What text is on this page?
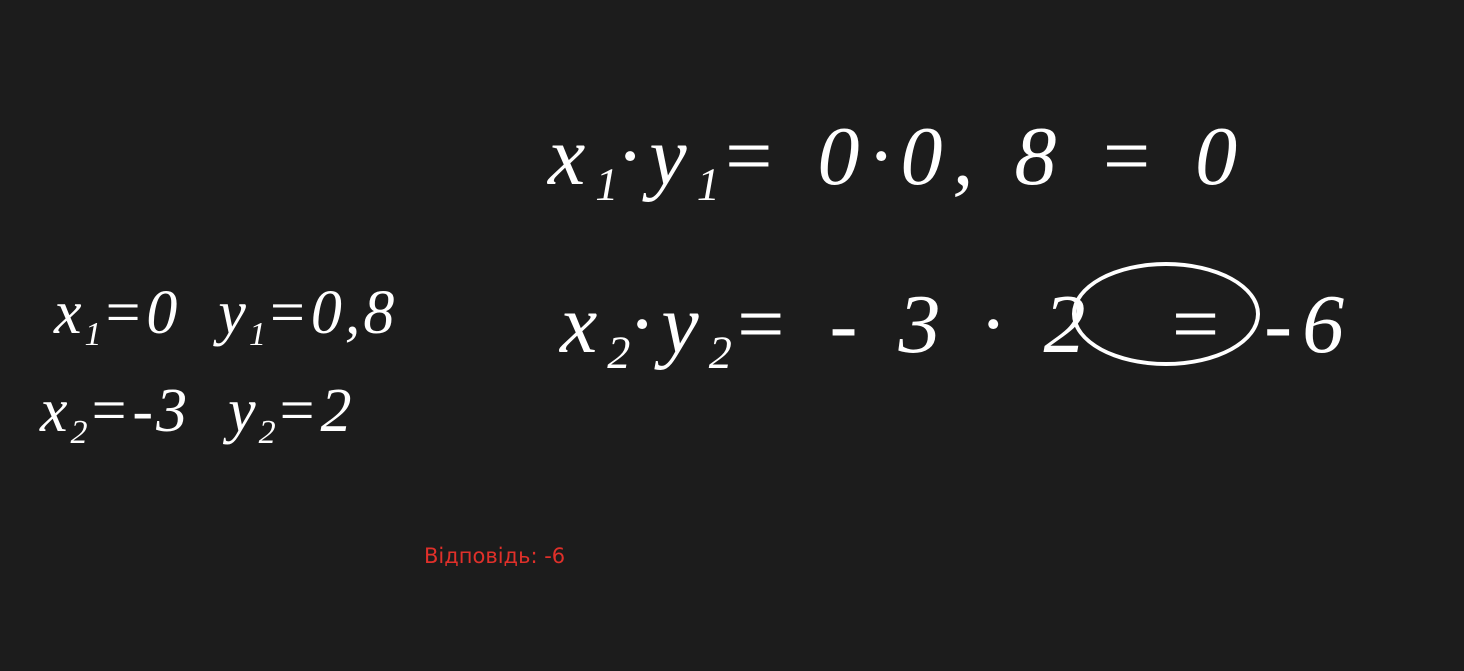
$x_1\cdot y_1= 0\cdot 0$, 8 = 0
$x_2\cdot y_2= - 3 \cdot 2 = -6$
$x_1=0$ $y_1=0,8$
$x_2=-3$ $y_2=2$
Відповідь: -6
